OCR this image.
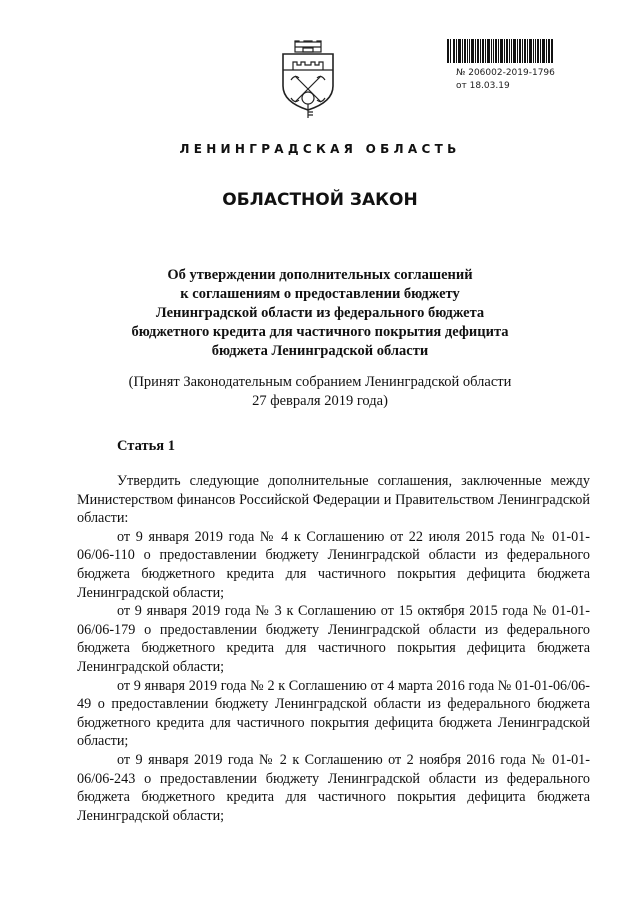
№ 206002-2019-1796
от 18.03.19
ЛЕНИНГРАДСКАЯ ОБЛАСТЬ
ОБЛАСТНОЙ ЗАКОН
Об утверждении дополнительных соглашений
к соглашениям о предоставлении бюджету
Ленинградской области из федерального бюджета
бюджетного кредита для частичного покрытия дефицита
бюджета Ленинградской области
(Принят Законодательным собранием Ленинградской области
27 февраля 2019 года)
Статья 1

Утвердить следующие дополнительные соглашения, заключенные между Министерством финансов Российской Федерации и Правительством Ленинградской области:

от 9 января 2019 года № 4 к Соглашению от 22 июля 2015 года № 01-01-06/06-110 о предоставлении бюджету Ленинградской области из федерального бюджета бюджетного кредита для частичного покрытия дефицита бюджета Ленинградской области;

от 9 января 2019 года № 3 к Соглашению от 15 октября 2015 года № 01-01-06/06-179 о предоставлении бюджету Ленинградской области из федерального бюджета бюджетного кредита для частичного покрытия дефицита бюджета Ленинградской области;

от 9 января 2019 года № 2 к Соглашению от 4 марта 2016 года № 01-01-06/06-49 о предоставлении бюджету Ленинградской области из федерального бюджета бюджетного кредита для частичного покрытия дефицита бюджета Ленинградской области;

от 9 января 2019 года № 2 к Соглашению от 2 ноября 2016 года № 01-01-06/06-243 о предоставлении бюджету Ленинградской области из федерального бюджета бюджетного кредита для частичного покрытия дефицита бюджета Ленинградской области;
